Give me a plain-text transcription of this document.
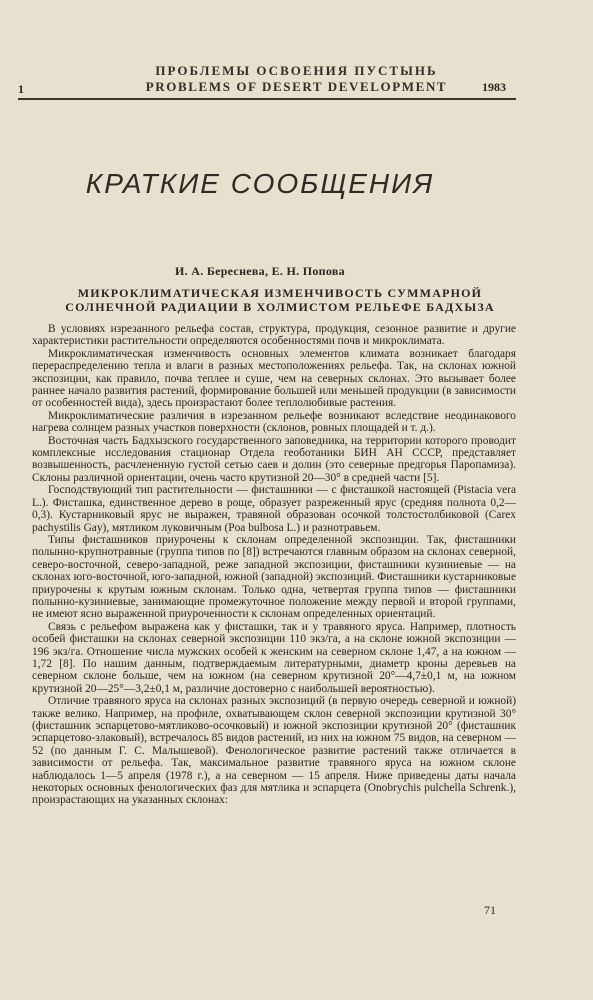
ПРОБЛЕМЫ ОСВОЕНИЯ ПУСТЫНЬ
1	PROBLEMS OF DESERT DEVELOPMENT	1983
КРАТКИЕ СООБЩЕНИЯ
И. А. Береснева, Е. Н. Попова
МИКРОКЛИМАТИЧЕСКАЯ ИЗМЕНЧИВОСТЬ СУММАРНОЙ
СОЛНЕЧНОЙ РАДИАЦИИ В ХОЛМИСТОМ РЕЛЬЕФЕ БАДХЫЗА

В условиях изрезанного рельефа состав, структура, продукция, сезонное развитие и другие характеристики растительности определяются особенностями почв и микроклимата.

Микроклиматическая изменчивость основных элементов климата возникает благодаря перераспределению тепла и влаги в разных местоположениях рельефа. Так, на склонах южной экспозиции, как правило, почва теплее и суше, чем на северных склонах. Это вызывает более раннее начало развития растений, формирование большей или меньшей продукции (в зависимости от особенностей вида), здесь произрастают более теплолюбивые растения.

Микроклиматические различия в изрезанном рельефе возникают вследствие неодинакового нагрева солнцем разных участков поверхности (склонов, ровных площадей и т. д.).

Восточная часть Бадхызского государственного заповедника, на территории которого проводит комплексные исследования стационар Отдела геоботаники БИН АН СССР, представляет возвышенность, расчлененную густой сетью саев и долин (это северные предгорья Паропамиза). Склоны различной ориентации, очень часто крутизной 20—30° в средней части [5].

Господствующий тип растительности — фисташники — с фисташкой настоящей (Pistacia vera L.). Фисташка, единственное дерево в роще, образует разреженный ярус (средняя полнота 0,2—0,3). Кустарниковый ярус не выражен, травяной образован осочкой толстостолбиковой (Carex pachystilis Gay), мятликом луковичным (Poa bulbosa L.) и разнотравьем.

Типы фисташников приурочены к склонам определенной экспозиции. Так, фисташники полынно-крупнотравные (группа типов по [8]) встречаются главным образом на склонах северной, северо-восточной, северо-западной, реже западной экспозиции, фисташники кузиниевые — на склонах юго-восточной, юго-западной, южной (западной) экспозиций. Фисташники кустарниковые приурочены к крутым южным склонам. Только одна, четвертая группа типов — фисташники полынно-кузиниевые, занимающие промежуточное положение между первой и второй группами, не имеют ясно выраженной приуроченности к склонам определенных ориентаций.

Связь с рельефом выражена как у фисташки, так и у травяного яруса. Например, плотность особей фисташки на склонах северной экспозиции 110 экз/га, а на склоне южной экспозиции — 196 экз/га. Отношение числа мужских особей к женским на северном склоне 1,47, а на южном — 1,72 [8]. По нашим данным, подтверждаемым литературными, диаметр кроны деревьев на северном склоне больше, чем на южном (на северном крутизной 20°—4,7±0,1 м, на южном крутизной 20—25°—3,2±0,1 м, различие достоверно с наибольшей вероятностью).

Отличие травяного яруса на склонах разных экспозиций (в первую очередь северной и южной) также велико. Например, на профиле, охватывающем склон северной экспозиции крутизной 30° (фисташник эспарцетово-мятликово-осочковый) и южной экспозиции крутизной 20° (фисташник эспарцетово-злаковый), встречалось 85 видов растений, из них на южном 75 видов, на северном — 52 (по данным Г. С. Малышевой). Фенологическое развитие растений также отличается в зависимости от рельефа. Так, максимальное развитие травяного яруса на южном склоне наблюдалось 1—5 апреля (1978 г.), а на северном — 15 апреля. Ниже приведены даты начала некоторых основных фенологических фаз для мятлика и эспарцета (Onobrychis pulchella Schrenk.), произрастающих на указанных склонах:

71
